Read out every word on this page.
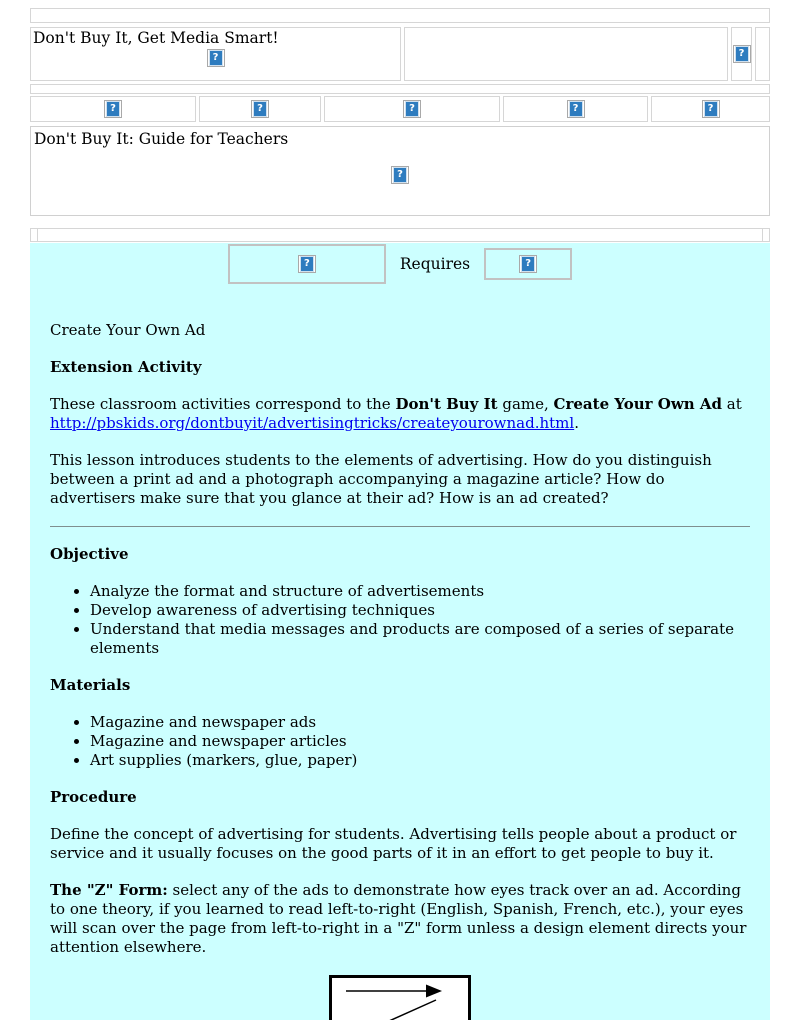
Don't Buy It, Get Media Smart!
?	?
?	?	?	?	?
Don't Buy It: Guide for Teachers
?
?	Requires	?

Create Your Own Ad

Extension Activity

These classroom activities correspond to the Don't Buy It game, Create Your Own Ad at
http://pbskids.org/dontbuyit/advertisingtricks/createyourownad.html.

This lesson introduces students to the elements of advertising. How do you distinguish between a print ad and a photograph accompanying a magazine article? How do advertisers make sure that you glance at their ad? How is an ad created?

Objective

• Analyze the format and structure of advertisements
• Develop awareness of advertising techniques
• Understand that media messages and products are composed of a series of separate elements

Materials

• Magazine and newspaper ads
• Magazine and newspaper articles
• Art supplies (markers, glue, paper)

Procedure

Define the concept of advertising for students. Advertising tells people about a product or service and it usually focuses on the good parts of it in an effort to get people to buy it.

The "Z" Form: select any of the ads to demonstrate how eyes track over an ad. According to one theory, if you learned to read left-to-right (English, Spanish, French, etc.), your eyes will scan over the page from left-to-right in a "Z" form unless a design element directs your attention elsewhere.
